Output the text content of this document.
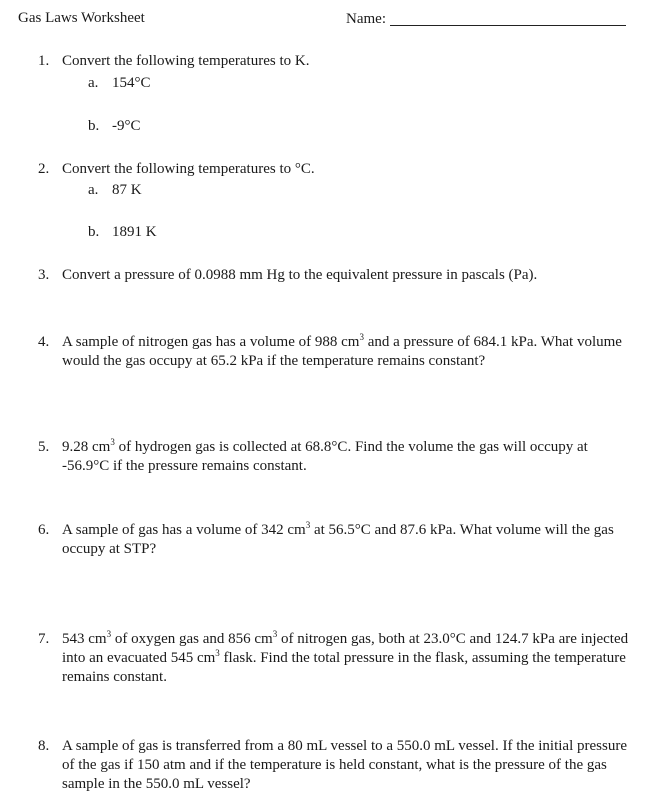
Gas Laws Worksheet	Name:
1. Convert the following temperatures to K.
a. 154°C
b. -9°C
2. Convert the following temperatures to °C.
a. 87 K
b. 1891 K
3. Convert a pressure of 0.0988 mm Hg to the equivalent pressure in pascals (Pa).
4. A sample of nitrogen gas has a volume of 988 $cm^3$ and a pressure of 684.1 kPa. What volume would the gas occupy at 65.2 kPa if the temperature remains constant?
5. 9.28 $cm^3$ of hydrogen gas is collected at 68.8°C. Find the volume the gas will occupy at -56.9°C if the pressure remains constant.
6. A sample of gas has a volume of 342 $cm^3$ at 56.5°C and 87.6 kPa. What volume will the gas occupy at STP?
7. 543 $cm^3$ of oxygen gas and 856 $cm^3$ of nitrogen gas, both at 23.0°C and 124.7 kPa are injected into an evacuated 545 $cm^3$ flask. Find the total pressure in the flask, assuming the temperature remains constant.
8. A sample of gas is transferred from a 80 mL vessel to a 550.0 mL vessel. If the initial pressure of the gas if 150 atm and if the temperature is held constant, what is the pressure of the gas sample in the 550.0 mL vessel?
